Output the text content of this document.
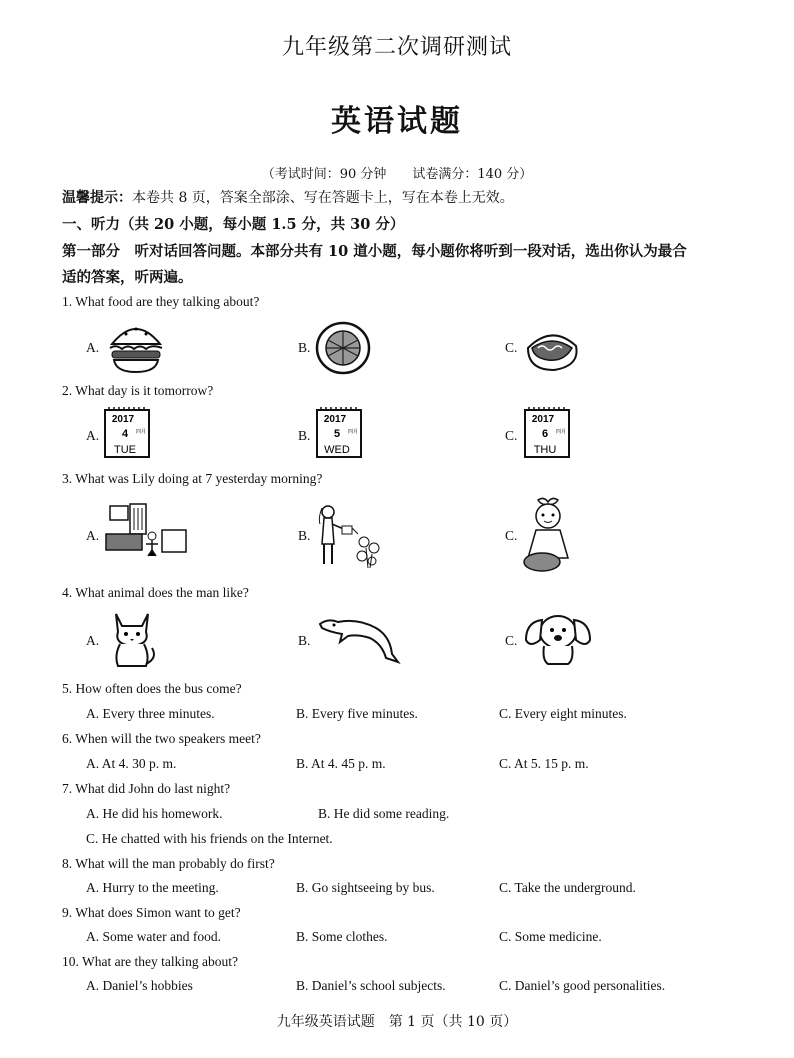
九年级第二次调研测试
英语试题
（考试时间：90 分钟　　试卷满分：140 分）
温馨提示：本卷共 8 页，答案全部涂、写在答题卡上，写在本卷上无效。
一、听力（共 20 小题，每小题 1.5 分，共 30 分）
第一部分　听对话回答问题。本部分共有 10 道小题，每小题你将听到一段对话，选出你认为最合
适的答案，听两遍。
1. What food are they talking about?
A.	B.	C.
2. What day is it tomorrow?
A.
2017
4 四月
TUE
B.
2017
5 四月
WED
C.
2017
6 四月
THU
3. What was Lily doing at 7 yesterday morning?
A.	B.	C.
4. What animal does the man like?
A.	B.	C.
5. How often does the bus come?
A. Every three minutes.	B. Every five minutes.	C. Every eight minutes.
6. When will the two speakers meet?
A. At 4. 30 p. m.	B. At 4. 45 p. m.	C. At 5. 15 p. m.
7. What did John do last night?
A. He did his homework.	B. He did some reading.
C. He chatted with his friends on the Internet.
8. What will the man probably do first?
A. Hurry to the meeting.	B. Go sightseeing by bus.	C. Take the underground.
9. What does Simon want to get?
A. Some water and food.	B. Some clothes.	C. Some medicine.
10. What are they talking about?
A. Daniel’s hobbies	B. Daniel’s school subjects.	C. Daniel’s good personalities.
九年级英语试题　第 1 页（共 10 页）
